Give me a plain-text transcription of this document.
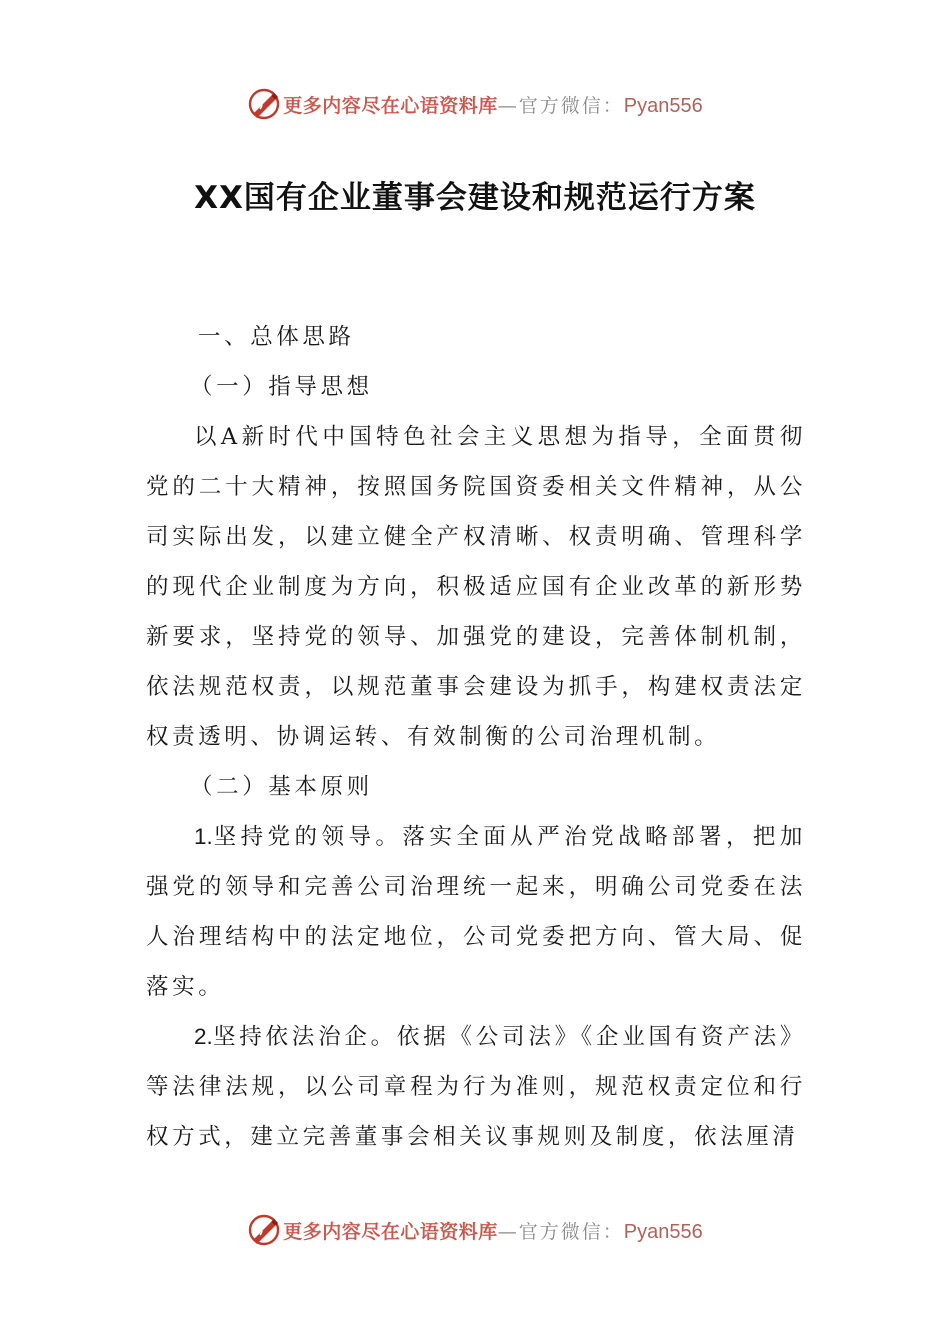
更多内容尽在心语资料库 — 官方微信： Pyan556
XX国有企业董事会建设和规范运行方案

一、总体思路

（一）指导思想

以A新时代中国特色社会主义思想为指导，全面贯彻党的二十大精神，按照国务院国资委相关文件精神，从公司实际出发，以建立健全产权清晰、权责明确、管理科学的现代企业制度为方向，积极适应国有企业改革的新形势新要求，坚持党的领导、加强党的建设，完善体制机制，依法规范权责，以规范董事会建设为抓手，构建权责法定权责透明、协调运转、有效制衡的公司治理机制。

（二）基本原则

1.坚持党的领导。落实全面从严治党战略部署，把加强党的领导和完善公司治理统一起来，明确公司党委在法人治理结构中的法定地位，公司党委把方向、管大局、促落实。

2.坚持依法治企。依据《公司法》《企业国有资产法》等法律法规，以公司章程为行为准则，规范权责定位和行权方式，建立完善董事会相关议事规则及制度，依法厘清

更多内容尽在心语资料库 — 官方微信： Pyan556
